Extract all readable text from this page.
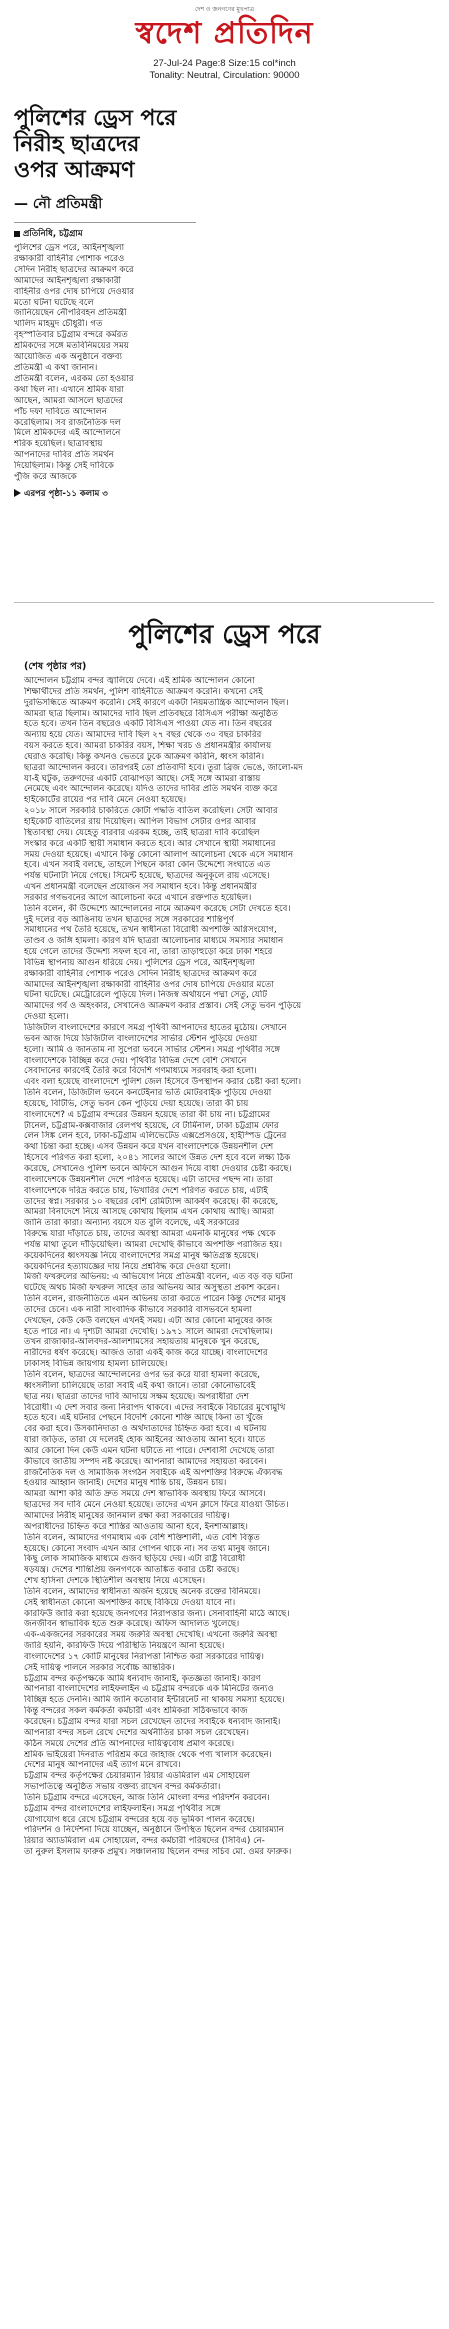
দেশ ও জনগণের মুখপাত্র
স্বদেশ প্রতিদিন
27-Jul-24 Page:8 Size:15 col*inch
Tonality: Neutral, Circulation: 90000
পুলিশের ড্রেস পরে
নিরীহ ছাত্রদের
ওপর আক্রমণ
— নৌ প্রতিমন্ত্রী
প্রতিনিধি, চট্টগ্রাম
পুলিশের ড্রেস পরে, আইনশৃঙ্খলা
রক্ষাকারী বাহিনীর পোশাক পরেও
সেদিন নিরীহ ছাত্রদের আক্রমণ করে
আমাদের আইনশৃঙ্খলা রক্ষাকারী
বাহিনীর ওপর দোষ চাপিয়ে দেওয়ার
মতো ঘটনা ঘটেছে বলে
জানিয়েছেন নৌপরিবহন প্রতিমন্ত্রী
খালিদ মাহমুদ চৌধুরী। গত
বৃহস্পতিবার চট্টগ্রাম বন্দরে কর্মরত
শ্রমিকদের সঙ্গে মতবিনিময়ের সময়
আয়োজিত এক অনুষ্ঠানে বক্তব্য
প্রতিমন্ত্রী এ কথা জানান।
প্রতিমন্ত্রী বলেন, এরকম তো হওয়ার
কথা ছিল না। এখানে শ্রমিক যারা
আছেন, আমরা আসলে ছাত্রদের
পাঁচ দফা দাবিতে আন্দোলন
করেছিলাম। সব রাজনৈতিক দল
মিলে শ্রমিকদের এই আন্দোলনে
শরিক হয়েছিল। ছাত্রাবস্থায়
আপনাদের দাবির প্রতি সমর্থন
দিয়েছিলাম। কিন্তু সেই দাবিকে
পুঁজি করে আজকে
এরপর পৃষ্ঠা-১১ কলাম ৩
পুলিশের ড্রেস পরে
(শেষ পৃষ্ঠার পর)
আন্দোলন চট্টগ্রাম বন্দর জ্বালিয়ে দেবে। এই শ্রমিক আন্দোলন কোনো
শিক্ষার্থীদের প্রতি সমর্থন, পুলিশ বাহিনীতে আক্রমণ করেনি। কখনো সেই
দুরভিসন্ধিতে আক্রমণ করেনি। সেই কারণে একটা নিয়মতান্ত্রিক আন্দোলন ছিল।
আমরা ছাত্র ছিলাম। আমাদের দাবি ছিল প্রতিবছরে বিসিএস পরীক্ষা অনুষ্ঠিত
হতে হবে। তখন তিন বছরেও একটি বিসিএস পাওয়া যেত না। তিন বছরের
অন্যায় হয়ে যেত। আমাদের দাবি ছিল ২৭ বছর থেকে ৩০ বছর চাকরির
বয়স করতে হবে। আমরা চাকরির বয়স, শিক্ষা খরচ ও প্রধানমন্ত্রীর কার্যালয়
ঘেরাও করেছি। কিন্তু কখনও ভেতরে ঢুকে আক্রমণ করিনি, ধ্বংস করিনি।
ছাত্ররা আন্দোলন করবে। তারপরই তো প্রতিবাদী হবে। তুরা ব্রিজ ভেঙে, জালো-মদ
যা-ই ঘটুক, তরুণদের একটি বোঝাপড়া আছে। সেই সঙ্গে আমরা রাস্তায়
নেমেছে এবং আন্দোলন করেছে। যদিও তাদের দাবির প্রতি সমর্থন ব্যক্ত করে
হাইকোর্টের রায়ের পর দাবি মেনে নেওয়া হয়েছে।
২০১৮ সালে সরকারি চাকরিতে কোটা পদ্ধতি বাতিল করেছিল। সেটা আবার
হাইকোর্ট বাতিলের রায় দিয়েছিল। আপিল বিভাগ সেটার ওপর আবার
স্থিতাবস্থা দেয়। যেহেতু বারবার এরকম হচ্ছে, তাই ছাত্ররা দাবি করেছিল
সংস্কার করে একটি স্থায়ী সমাধান করতে হবে। আর সেখানে স্থায়ী সমাধানের
সময় দেওয়া হয়েছে। এখানে কিন্তু কোনো আলাপ আলোচনা থেকে এসে সমাধান
হবে। এখন সবাই বলছে, তাহলে পিছনে কারা কোন উদ্দেশ্যে সংঘাতে এত
পর্যন্ত ঘটনাটা নিয়ে গেছে। সিমেন্ট হয়েছে, ছাত্রদের অনুকূলে রায় এসেছে।
এখন প্রধানমন্ত্রী বলেছেন প্রয়োজন সব সমাধান হবে। কিন্তু প্রধানমন্ত্রীর
সরকার গণভবনের আগে আলোচনা করে এখানে রক্তপাত হয়েছিল।
তিনি বলেন, কী উদ্দেশ্যে আন্দোলনের নামে আক্রমণ করেছে সেটা দেখতে হবে।
দুই দলের বড় আঙিনায় তখন ছাত্রদের সঙ্গে সরকারের শান্তিপূর্ণ
সমাধানের পথ তৈরি হয়েছে, তখন স্বাধীনতা বিরোধী অপশক্তি অগ্নিসংযোগ,
তাণ্ডব ও জঙ্গি হামলা। কারণ যদি ছাত্ররা আলোচনার মাধ্যমে সমস্যার সমাধান
হয়ে গেলে তাদের উদ্দেশ্য সফল হবে না, তারা তাড়াহুড়ো করে ঢাকা শহরে
বিভিন্ন স্থাপনায় আগুন ধরিয়ে দেয়। পুলিশের ড্রেস পরে, আইনশৃঙ্খলা
রক্ষাকারী বাহিনীর পোশাক পরেও সেদিন নিরীহ ছাত্রদের আক্রমণ করে
আমাদের আইনশৃঙ্খলা রক্ষাকারী বাহিনীর ওপর দোষ চাপিয়ে দেওয়ার মতো
ঘটনা ঘটেছে। মেট্রোরেলে পুড়িয়ে দিল। নিজস্ব অর্থায়নে পদ্মা সেতু, যেটি
আমাদের গর্ব ও অহংকার, সেখানেও আক্রমণ করার প্রস্তাব। সেই সেতু ভবন পুড়িয়ে
দেওয়া হলো।
ডিজিটাল বাংলাদেশের কারণে সমগ্র পৃথিবী আপনাদের হাতের মুঠোয়। সেখানে
ভবন আজ দিয়ে ডিজিটাল বাংলাদেশের সার্ভার স্টেশন পুড়িয়ে দেওয়া
হলো। আমি ও জানতাম না সুপেরা ভবনে সার্ভার স্টেশন। সমগ্র পৃথিবীর সঙ্গে
বাংলাদেশকে বিচ্ছিন্ন করে দেয়। পৃথিবীর বিভিন্ন দেশে বেশি সেখানে
সেবাদানের কারণেই তৈরি করে বিদেশি গণমাধ্যমে সরবরাহ করা হলো।
এবং বলা হয়েছে বাংলাদেশে পুলিশ জেল হিসেবে উপস্থাপন করার চেষ্টা করা হলো।
তিনি বলেন, ডিজিটাল ভবনে কনটেইনার ভর্তি মোটরবাইক পুড়িয়ে দেওয়া
হয়েছে, বিটিভি, সেতু ভবন কেন পুড়িয়ে দেয়া হয়েছে। তারা কী চায়
বাংলাদেশে? এ চট্টগ্রাম বন্দরের উন্নয়ন হয়েছে তারা কী চায় না। চট্টগ্রামের
টানেল, চট্টগ্রাম-কক্সবাজার রেলপথ হয়েছে, বে টার্মিনাল, ঢাকা চট্টগ্রাম ফোর
লেন সিঙ্ক লেন হবে, ঢাকা-চট্টগ্রাম এলিভেটেড এক্সপ্রেসওয়ে, হাইস্পিড ট্রেনের
কথা চিন্তা করা হচ্ছে। এসব উন্নয়ন করে যখন বাংলাদেশকে উন্নয়নশীল দেশ
হিসেবে পরিণত করা হলো, ২০৪১ সালের আগে উন্নত দেশ হবে বলে লক্ষ্য ঠিক
করেছে, সেখানেও পুলিশ ভবনে অফিসে আগুন দিয়ে বাধা দেওয়ার চেষ্টা করছে।
বাংলাদেশকে উন্নয়নশীল দেশে পরিণত হয়েছে। এটা তাদের পছন্দ না। তারা
বাংলাদেশকে দরিদ্র করতে চায়, ভিখারির দেশে পরিণত করতে চায়, এটাই
তাদের স্বপ্ন। সরকার ১০ বছরের বেশি রেমিট্যান্স আকর্ষণ করেছে। কী করেছে,
আমরা বিনাদেশে নিয়ে আসছে কোথায় ছিলাম এখন কোথায় আছি। আমরা
জানি তারা কারা। অন্যান্য বয়সে যত বুলি বলেছে, এই সরকারের
বিরুদ্ধে যারা দাঁড়াতে চায়, তাদের অবস্থা আমরা এমনকি মানুষের পক্ষ থেকে
পর্যন্ত মাথা তুলে দাঁড়িয়েছিল। আমরা দেখেছি কীভাবে অপশক্তি পরাজিত হয়।
কয়েকদিনের ধ্বংসযজ্ঞ নিয়ে বাংলাদেশের সমগ্র মানুষ ক্ষতিগ্রস্ত হয়েছে।
কয়েকদিনের হত্যাযজ্ঞের দায় নিয়ে প্রশ্নবিদ্ধ করে দেওয়া হলো।
মির্জা ফখরুলের অভিনয়: এ অভিযোগ নিয়ে প্রতিমন্ত্রী বলেন, এত বড় বড় ঘটনা
ঘটেছে অথচ মির্জা ফখরুল সাহেব তার অভিনয় আর অসুস্থতা প্রকাশ করেন।
তিনি বলেন, রাজনীতিতে এমন অভিনয় তারা করতে পারেন কিন্তু দেশের মানুষ
তাদের চেনে। এক নারী সাংবাদিক কীভাবে সরকারি বাসভবনে হামলা
দেখছেন, কেউ কেউ বলছেন এখনই সময়। এটা আর কোনো মানুষের কাজ
হতে পারে না। এ দৃশ্যটা আমরা দেখেছি। ১৯৭১ সালে আমরা দেখেছিলাম।
তখন রাজাকার-আলবদর-আলশামসের সহায়তায় মানুষকে খুন করেছে,
নারীদের ধর্ষণ করেছে। আজও তারা একই কাজ করে যাচ্ছে। বাংলাদেশের
ঢাকাসহ বিভিন্ন জায়গায় হামলা চালিয়েছে।
তিনি বলেন, ছাত্রদের আন্দোলনের ওপর ভর করে যারা হামলা করেছে,
ধ্বংসলীলা চালিয়েছে তারা সবাই এই কথা জানে। তারা কোনোভাবেই
ছাত্র নয়। ছাত্ররা তাদের দাবি আদায়ে সক্ষম হয়েছে। অপরাধীরা দেশ
বিরোধী। এ দেশ সবার জন্য নিরাপদ থাকবে। এদের সবাইকে বিচারের মুখোমুখি
হতে হবে। এই ঘটনার পেছনে বিদেশি কোনো শক্তি আছে কিনা তা খুঁজে
বের করা হবে। উসকানিদাতা ও অর্থদাতাদের চিহ্নিত করা হবে। এ ঘটনায়
যারা জড়িত, তারা যে দলেরই হোক আইনের আওতায় আনা হবে। যাতে
আর কোনো দিন কেউ এমন ঘটনা ঘটাতে না পারে। দেশবাসী দেখেছে তারা
কীভাবে জাতীয় সম্পদ নষ্ট করেছে। আপনারা আমাদের সহায়তা করবেন।
রাজনৈতিক দল ও সামাজিক সংগঠন সবাইকে এই অপশক্তির বিরুদ্ধে ঐক্যবদ্ধ
হওয়ার আহ্বান জানাই। দেশের মানুষ শান্তি চায়, উন্নয়ন চায়।
আমরা আশা করি অতি দ্রুত সময়ে দেশ স্বাভাবিক অবস্থায় ফিরে আসবে।
ছাত্রদের সব দাবি মেনে নেওয়া হয়েছে। তাদের এখন ক্লাসে ফিরে যাওয়া উচিত।
আমাদের নিরীহ মানুষের জানমাল রক্ষা করা সরকারের দায়িত্ব।
অপরাধীদের চিহ্নিত করে শাস্তির আওতায় আনা হবে, ইনশাআল্লাহ।
তিনি বলেন, আমাদের গণমাধ্যম এক বেশি শক্তিশালী, এত বেশি বিস্তৃত
হয়েছে। কোনো সংবাদ এখন আর গোপন থাকে না। সব তথ্য মানুষ জানে।
কিছু লোক সামাজিক মাধ্যমে গুজব ছড়িয়ে দেয়। এটা রাষ্ট্র বিরোধী
ষড়যন্ত্র। দেশের শান্তিপ্রিয় জনগণকে আতঙ্কিত করার চেষ্টা করছে।
শেখ হাসিনা দেশকে স্থিতিশীল অবস্থায় নিয়ে এসেছেন।
তিনি বলেন, আমাদের স্বাধীনতা অর্জন হয়েছে অনেক রক্তের বিনিময়ে।
সেই স্বাধীনতা কোনো অপশক্তির কাছে বিকিয়ে দেওয়া যাবে না।
কারফিউ জারি করা হয়েছে জনগণের নিরাপত্তার জন্য। সেনাবাহিনী মাঠে আছে।
জনজীবন স্বাভাবিক হতে শুরু করেছে। অফিস আদালত খুলেছে।
এক-একজনের সরকারের সময় জরুরি অবস্থা দেখেছি। এখনো জরুরি অবস্থা
জারি হয়নি, কারফিউ দিয়ে পরিস্থিতি নিয়ন্ত্রণে আনা হয়েছে।
বাংলাদেশের ১৭ কোটি মানুষের নিরাপত্তা নিশ্চিত করা সরকারের দায়িত্ব।
সেই দায়িত্ব পালনে সরকার সর্বোচ্চ আন্তরিক।
চট্টগ্রাম বন্দর কর্তৃপক্ষকে আমি ধন্যবাদ জানাই, কৃতজ্ঞতা জানাই। কারণ
আপনারা বাংলাদেশের লাইফলাইন এ চট্টগ্রাম বন্দরকে এক মিনিটের জন্যও
বিচ্ছিন্ন হতে দেননি। আমি জানি কতোবার ইন্টারনেট না থাকায় সমস্যা হয়েছে।
কিন্তু বন্দরের সকল কর্মকর্তা কর্মচারী এবং শ্রমিকরা সঠিকভাবে কাজ
করেছেন। চট্টগ্রাম বন্দর যারা সচল রেখেছেন তাদের সবাইকে ধন্যবাদ জানাই।
আপনারা বন্দর সচল রেখে দেশের অর্থনীতির চাকা সচল রেখেছেন।
কঠিন সময়ে দেশের প্রতি আপনাদের দায়িত্ববোধ প্রমাণ করেছে।
শ্রমিক ভাইয়েরা দিনরাত পরিশ্রম করে জাহাজ থেকে পণ্য খালাস করেছেন।
দেশের মানুষ আপনাদের এই ত্যাগ মনে রাখবে।
চট্টগ্রাম বন্দর কর্তৃপক্ষের চেয়ারম্যান রিয়ার এডমিরাল এম সোহায়েল
সভাপতিত্বে অনুষ্ঠিত সভায় বক্তব্য রাখেন বন্দর কর্মকর্তারা।
তিনি চট্টগ্রাম বন্দরে এসেছেন, আজ তিনি মোংলা বন্দর পরিদর্শন করবেন।
চট্টগ্রাম বন্দর বাংলাদেশের লাইফলাইন। সমগ্র পৃথিবীর সঙ্গে
যোগাযোগ ধরে রেখে চট্টগ্রাম বন্দরের হয়ে বড় ভূমিকা পালন করেছে।
পরিদর্শন ও নির্দেশনা দিয়ে যাচ্ছেন, অনুষ্ঠানে উপস্থিত ছিলেন বন্দর চেয়ারম্যান
রিয়ার অ্যাডমিরাল এম সোহায়েল, বন্দর কর্মচারী পরিষদের (সিবিএ) নে-
তা নুরুল ইসলাম ফারুক প্রমুখ। সঞ্চালনায় ছিলেন বন্দর সচিব মো. ওমর ফারুক।
